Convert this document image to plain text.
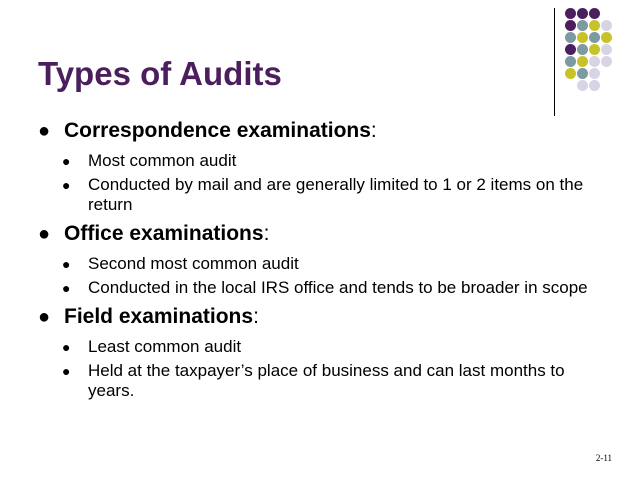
Types of Audits
● Correspondence examinations:
● Most common audit
● Conducted by mail and are generally limited to 1 or 2 items on the return
● Office examinations:
● Second most common audit
● Conducted in the local IRS office and tends to be broader in scope
● Field examinations:
● Least common audit
● Held at the taxpayer’s place of business and can last months to years.
2-11
